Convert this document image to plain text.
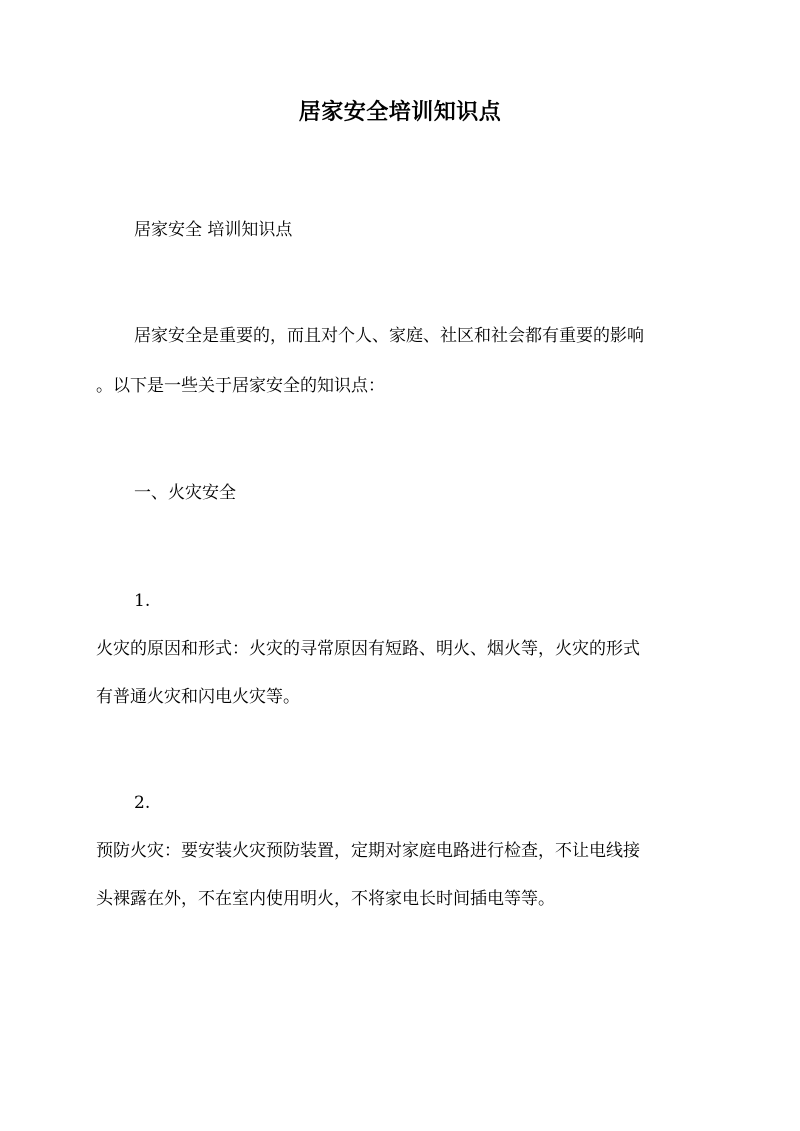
居家安全培训知识点
居家安全 培训知识点
居家安全是重要的，而且对个人、家庭、社区和社会都有重要的影响
。以下是一些关于居家安全的知识点：
一、火灾安全
1.
火灾的原因和形式：火灾的寻常原因有短路、明火、烟火等，火灾的形式
有普通火灾和闪电火灾等。
2.
预防火灾：要安装火灾预防装置，定期对家庭电路进行检查，不让电线接
头裸露在外，不在室内使用明火，不将家电长时间插电等等。
